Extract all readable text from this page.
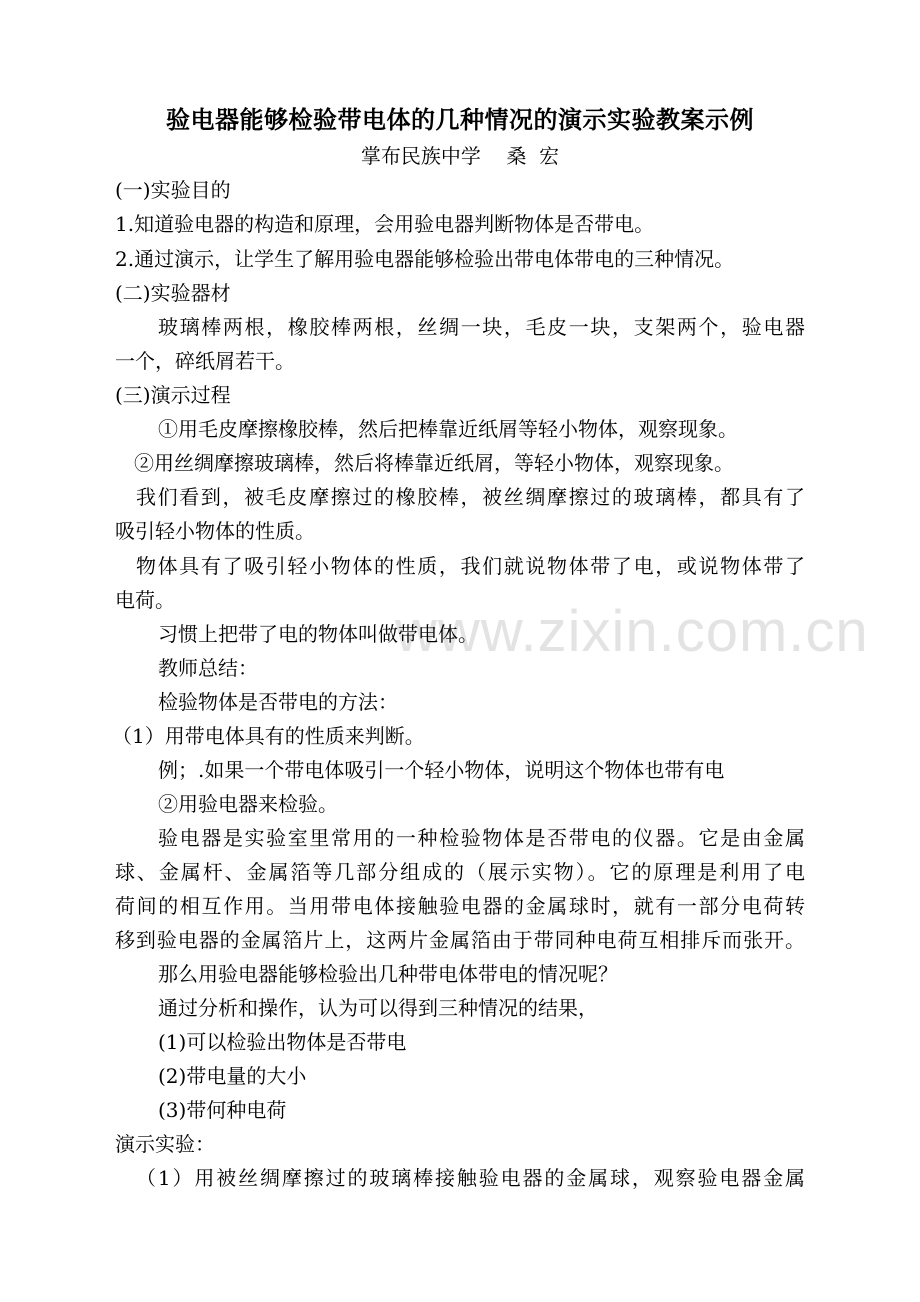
www.zixin.com.cn
验电器能够检验带电体的几种情况的演示实验教案示例
掌布民族中学    桑  宏
(一)实验目的
1.知道验电器的构造和原理，会用验电器判断物体是否带电。
2.通过演示，让学生了解用验电器能够检验出带电体带电的三种情况。
(二)实验器材
玻璃棒两根，橡胶棒两根，丝绸一块，毛皮一块，支架两个，验电器
一个，碎纸屑若干。
(三)演示过程
①用毛皮摩擦橡胶棒，然后把棒靠近纸屑等轻小物体，观察现象。
②用丝绸摩擦玻璃棒，然后将棒靠近纸屑，等轻小物体，观察现象。
我们看到，被毛皮摩擦过的橡胶棒，被丝绸摩擦过的玻璃棒，都具有了
吸引轻小物体的性质。
物体具有了吸引轻小物体的性质，我们就说物体带了电，或说物体带了
电荷。
习惯上把带了电的物体叫做带电体。
教师总结：
检验物体是否带电的方法：
（1）用带电体具有的性质来判断。
例；.如果一个带电体吸引一个轻小物体，说明这个物体也带有电
②用验电器来检验。
验电器是实验室里常用的一种检验物体是否带电的仪器。它是由金属
球、金属杆、金属箔等几部分组成的（展示实物）。它的原理是利用了电
荷间的相互作用。当用带电体接触验电器的金属球时，就有一部分电荷转
移到验电器的金属箔片上，这两片金属箔由于带同种电荷互相排斥而张开。
那么用验电器能够检验出几种带电体带电的情况呢？
通过分析和操作，认为可以得到三种情况的结果，
(1)可以检验出物体是否带电
(2)带电量的大小
(3)带何种电荷
演示实验：
（1）用被丝绸摩擦过的玻璃棒接触验电器的金属球，观察验电器金属
